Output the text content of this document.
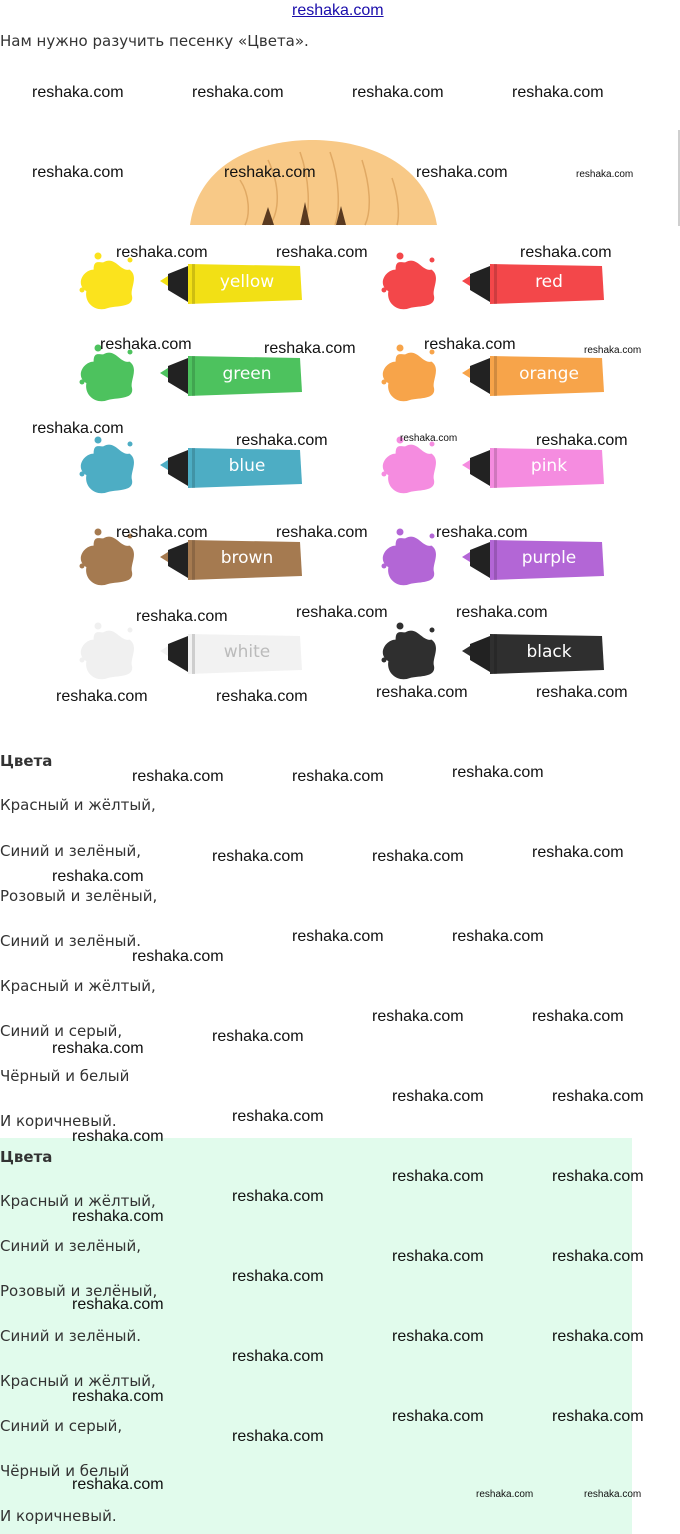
reshaka.com
Нам нужно разучить песенку «Цвета».
yellow	red
green	orange
blue	pink
brown	purple
white	black
Цвета
Красный и жёлтый,
Синий и зелёный,
Розовый и зелёный,
Синий и зелёный.
Красный и жёлтый,
Синий и серый,
Чёрный и белый
И коричневый.
Цвета
Красный и жёлтый,
Синий и зелёный,
Розовый и зелёный,
Синий и зелёный.
Красный и жёлтый,
Синий и серый,
Чёрный и белый
И коричневый.
reshaka.com	reshaka.com	reshaka.com	reshaka.com
reshaka.com	reshaka.com	reshaka.com	reshaka.com
reshaka.com	reshaka.com	reshaka.com
reshaka.com	reshaka.com	reshaka.com	reshaka.com
reshaka.com
reshaka.com	reshaka.com	reshaka.com
reshaka.com	reshaka.com	reshaka.com
reshaka.com	reshaka.com	reshaka.com
reshaka.com	reshaka.com	reshaka.com	reshaka.com
reshaka.com	reshaka.com	reshaka.com
reshaka.com	reshaka.com	reshaka.com
reshaka.com
reshaka.com	reshaka.com
reshaka.com
reshaka.com	reshaka.com
reshaka.com
reshaka.com
reshaka.com	reshaka.com
reshaka.com
reshaka.com
reshaka.com	reshaka.com
reshaka.com
reshaka.com
reshaka.com	reshaka.com
reshaka.com
reshaka.com
reshaka.com	reshaka.com
reshaka.com
reshaka.com
reshaka.com	reshaka.com
reshaka.com
reshaka.com
reshaka.com	reshaka.com
